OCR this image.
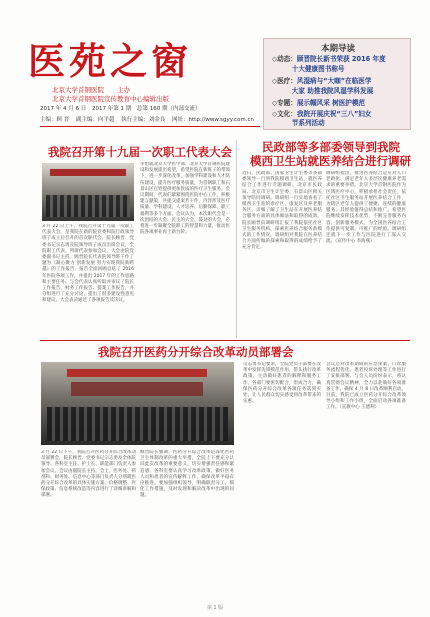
医苑之窗
北京大学首钢医院　　主办
北京大学首钢医院宣传教育中心编辑出版
2017 年 4 月 6 日 2017 年第 1 期 总第 160 期（内部交流）
主编：顾 晋 副主编：向平超 执行主编：刘金良 网址：http://www.sgyy.com.cn
本期导读
◇动态：顾晋院长新书荣获 2016 年度
　　　十大健康图书称号
◇医疗：风湿病与“大咖”在临医学
　　　大家 助推我院风湿学科发展
◇专题：展示帼风采 树医护模范
◇文化：我院开展庆祝“三八”妇女
　　　节系列活动
我院召开第十九届一次职工代表大会
3 月 22 日上午，我院召开第十九届一次职工代表大会，是我院在新的院党委和院行政领导班子成立后召开的首次职代会。院长顾晋、党委书记宗志勇及院领导班子成员出席会议，全院职工代表、列席代表参加会议。大会由院党委副书记主持。顾晋院长代表院领导班子作了题为《凝心聚力 创新发展 努力实现我院新跨越》的工作报告，报告全面回顾总结了 2016 年医院各项工作，并提出 2017 年的工作思路和主要任务。与会代表认真听取并审议了院长工作报告、财务工作报告、提案工作报告，并分组进行了充分讨论，提出了很多建设性意见和建议。大会表决通过了各项报告及决议。
李怡就北京大学医学部、北京大学首钢医院建设和发展提出希望，希望医院在新班子的带领下，进一步深化改革，加强学科建设和人才队伍建设，提升医疗服务质量，为首钢职工和石景山区百姓提供更加优质的医疗卫生服务。会议期间，代表们紧紧围绕医院中心工作，积极建言献策，共提交提案若干件，内容涉及医疗质量、学科建设、人才培养、后勤保障、职工福利等多个方面。会议认为，本次职代会是一次团结的大会、民主的大会、鼓劲的大会，必将进一步凝聚全院职工的智慧和力量，推动医院各项事业再上新台阶。
民政部等多部委领导到我院
模西卫生站就医养结合进行调研
近日，民政部、国家卫生计生委等多部委领导一行到我院模西卫生站，就医养结合工作进行专题调研。北京市民政局、北京市卫生计生委、石景山区相关领导陪同调研。调研组一行实地查看了模西卫生站的诊疗区、康复区及养老服务区，详细了解了卫生站在开展医养结合服务方面的具体做法和取得的成效。院长顾晋向调研组汇报了我院依托社区卫生服务机构，探索医养结合服务新模式的工作情况。调研组对我院在医养结合方面所做的探索和取得的成绩给予了充分肯定。
调研组指出，推进医养结合是应对人口老龄化、满足老年人多层次健康养老需求的重要举措。北京大学首钢医院作为区域医疗中心，积极承担社会责任，依托社区卫生服务站开展医养结合工作，为辖区老年人提供了便捷、连续的健康服务，其经验值得总结和推广。希望医院继续发挥技术优势，不断完善服务内容，创新服务模式，为全国医养结合工作提供可复制、可推广的经验。调研组还就下一步工作与医院进行了深入交流。（宣传中心 李海燕）
我院召开医药分开综合改革动员部署会
宗志勇书记要求，全院党员干部要在改革中发挥先锋模范作用，带头执行改革政策，主动做好患者的解释和服务工作。各部门要密切配合，形成合力，确保医药分开综合改革各项任务落到实处，让人民群众切实感受到改革带来的实惠。
会议还对改革期间的应急预案、门诊服务流程优化、患者投诉处理等工作进行了安排部署。与会人员纷纷表示，将认真贯彻会议精神，全力以赴做好各项准备工作，确保 4 月 8 日改革顺利启动。目前，我院已成立医药分开综合改革领导小组和工作小组，全面启动各项准备工作。（宣教中心 王德利）
3 月 22 日下午，我院召开医药分开综合改革动员部署会，院长顾晋、党委书记宗志勇及全体院领导、各科室主任、护士长、职能部门负责人参加会议。会议由副院长主持。会上，医务处、药剂科、财务处、信息中心等部门负责人分别就医药分开综合改革的具体实施方案、价格调整、医保政策、信息系统改造等内容进行了详细讲解和部署。
顾晋院长强调，医药分开综合改革是深化医药卫生体制改革的重大举措，全院上下要充分认识此次改革的重要意义，切实增强责任感和紧迫感。各科室要认真学习改革政策，做好医务人员和患者的宣传解释工作，确保改革平稳有序推进。要加强组织领导，明确职责分工，细化工作措施，及时发现和解决改革中出现的问题。
第 1 版
